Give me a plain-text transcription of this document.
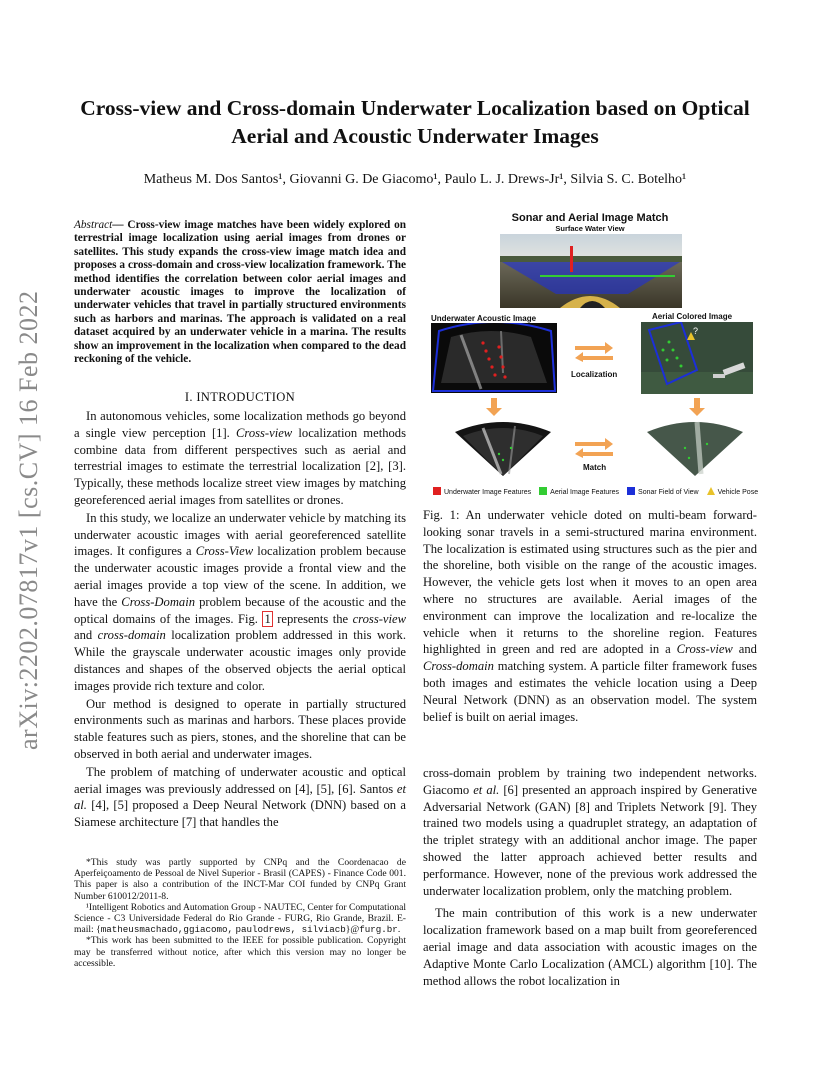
arXiv:2202.07817v1 [cs.CV] 16 Feb 2022
Cross-view and Cross-domain Underwater Localization based on Optical Aerial and Acoustic Underwater Images
Matheus M. Dos Santos¹, Giovanni G. De Giacomo¹, Paulo L. J. Drews-Jr¹, Silvia S. C. Botelho¹
Abstract— Cross-view image matches have been widely explored on terrestrial image localization using aerial images from drones or satellites. This study expands the cross-view image match idea and proposes a cross-domain and cross-view localization framework. The method identifies the correlation between color aerial images and underwater acoustic images to improve the localization of underwater vehicles that travel in partially structured environments such as harbors and marinas. The approach is validated on a real dataset acquired by an underwater vehicle in a marina. The results show an improvement in the localization when compared to the dead reckoning of the vehicle.
I. INTRODUCTION

In autonomous vehicles, some localization methods go beyond a single view perception [1]. Cross-view localization methods combine data from different perspectives such as aerial and terrestrial images to estimate the terrestrial localization [2], [3]. Typically, these methods localize street view images by matching georeferenced aerial images from satellites or drones.

In this study, we localize an underwater vehicle by matching its underwater acoustic images with aerial georeferenced satellite images. It configures a Cross-View localization problem because the underwater acoustic images provide a frontal view and the aerial images provide a top view of the scene. In addition, we have the Cross-Domain problem because of the acoustic and the optical domains of the images. Fig. 1 represents the cross-view and cross-domain localization problem addressed in this work. While the grayscale underwater acoustic images only provide distances and shapes of the observed objects the aerial optical images provide rich texture and color.

Our method is designed to operate in partially structured environments such as marinas and harbors. These places provide stable features such as piers, stones, and the shoreline that can be observed in both aerial and underwater images.

The problem of matching of underwater acoustic and optical aerial images was previously addressed on [4], [5], [6]. Santos et al. [4], [5] proposed a Deep Neural Network (DNN) based on a Siamese architecture [7] that handles the

*This study was partly supported by CNPq and the Coordenacao de Aperfeiçoamento de Pessoal de Nivel Superior - Brasil (CAPES) - Finance Code 001. This paper is also a contribution of the INCT-Mar COI funded by CNPq Grant Number 610012/2011-8.

¹Intelligent Robotics and Automation Group - NAUTEC, Center for Computational Science - C3 Universidade Federal do Rio Grande - FURG, Rio Grande, Brazil. E-mail: {matheusmachado,ggiacomo, paulodrews, silviacb}@furg.br.

*This work has been submitted to the IEEE for possible publication. Copyright may be transferred without notice, after which this version may no longer be accessible.

Sonar and Aerial Image Match
Surface Water View
Underwater Acoustic Image	Aerial Colored Image
Localization
?
Match
Underwater Image Features	Aerial Image Features	Sonar Field of View	Vehicle Pose
Fig. 1: An underwater vehicle doted on multi-beam forward-looking sonar travels in a semi-structured marina environment. The localization is estimated using structures such as the pier and the shoreline, both visible on the range of the acoustic images. However, the vehicle gets lost when it moves to an open area where no structures are available. Aerial images of the environment can improve the localization and re-localize the vehicle when it returns to the shoreline region. Features highlighted in green and red are adopted in a Cross-view and Cross-domain matching system. A particle filter framework fuses both images and estimates the vehicle location using a Deep Neural Network (DNN) as an observation model. The system belief is built on aerial images.

cross-domain problem by training two independent networks. Giacomo et al. [6] presented an approach inspired by Generative Adversarial Network (GAN) [8] and Triplets Network [9]. They trained two models using a quadruplet strategy, an adaptation of the triplet strategy with an additional anchor image. The paper showed the latter approach achieved better results and performance. However, none of the previous work addressed the underwater localization problem, only the matching problem.

The main contribution of this work is a new underwater localization framework based on a map built from georeferenced aerial image and data association with acoustic images on the Adaptive Monte Carlo Localization (AMCL) algorithm [10]. The method allows the robot localization in
